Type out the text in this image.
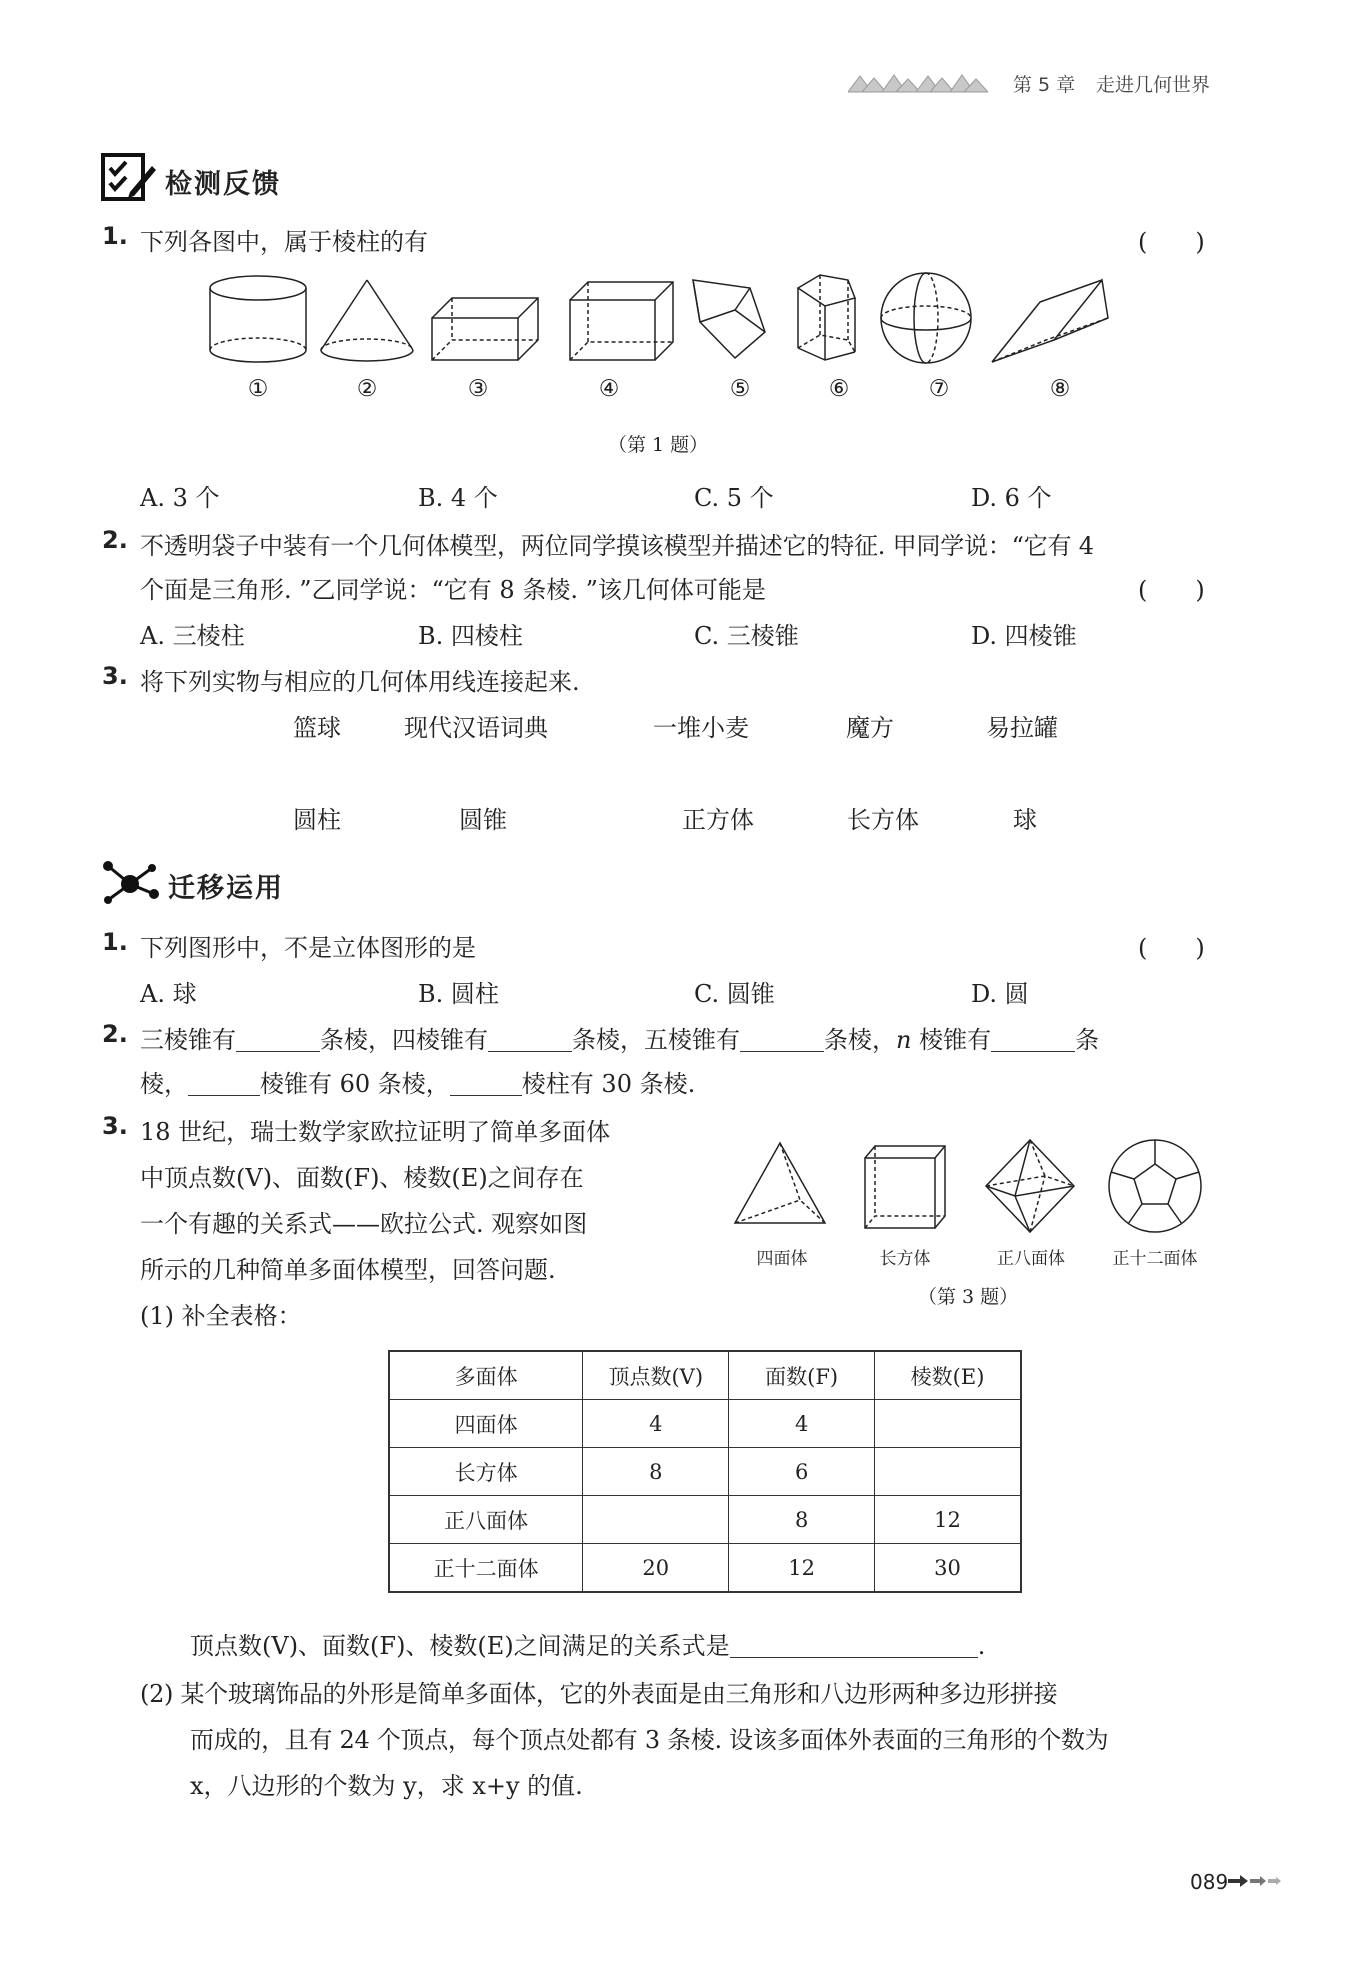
第 5 章 走进几何世界
检测反馈
1. 下列各图中，属于棱柱的有	(　　)
①	②	③	④	⑤	⑥	⑦	⑧
（第 1 题）
A. 3 个	B. 4 个	C. 5 个	D. 6 个
2. 不透明袋子中装有一个几何体模型，两位同学摸该模型并描述它的特征. 甲同学说：“它有 4
个面是三角形. ”乙同学说：“它有 8 条棱. ”该几何体可能是	(　　)
A. 三棱柱	B. 四棱柱	C. 三棱锥	D. 四棱锥
3. 将下列实物与相应的几何体用线连接起来.
篮球	现代汉语词典	一堆小麦	魔方	易拉罐
圆柱	圆锥	正方体	长方体	球
迁移运用
1. 下列图形中，不是立体图形的是	(　　)
A. 球	B. 圆柱	C. 圆锥	D. 圆
2. 三棱锥有	条棱，四棱锥有	条棱，五棱锥有	条棱，n 棱锥有	条
棱，	棱锥有 60 条棱，	棱柱有 30 条棱.
3. 18 世纪，瑞士数学家欧拉证明了简单多面体
中顶点数(V)、面数(F)、棱数(E)之间存在
一个有趣的关系式——欧拉公式. 观察如图
所示的几种简单多面体模型，回答问题.	四面体	长方体	正八面体	正十二面体
（第 3 题）
(1) 补全表格：
多面体	顶点数(V)	面数(F)	棱数(E)
四面体	4	4	
长方体	8	6	
正八面体		8	12
正十二面体	20	12	30
顶点数(V)、面数(F)、棱数(E)之间满足的关系式是	.
(2) 某个玻璃饰品的外形是简单多面体，它的外表面是由三角形和八边形两种多边形拼接
而成的，且有 24 个顶点，每个顶点处都有 3 条棱. 设该多面体外表面的三角形的个数为
x，八边形的个数为 y，求 x+y 的值.
089
